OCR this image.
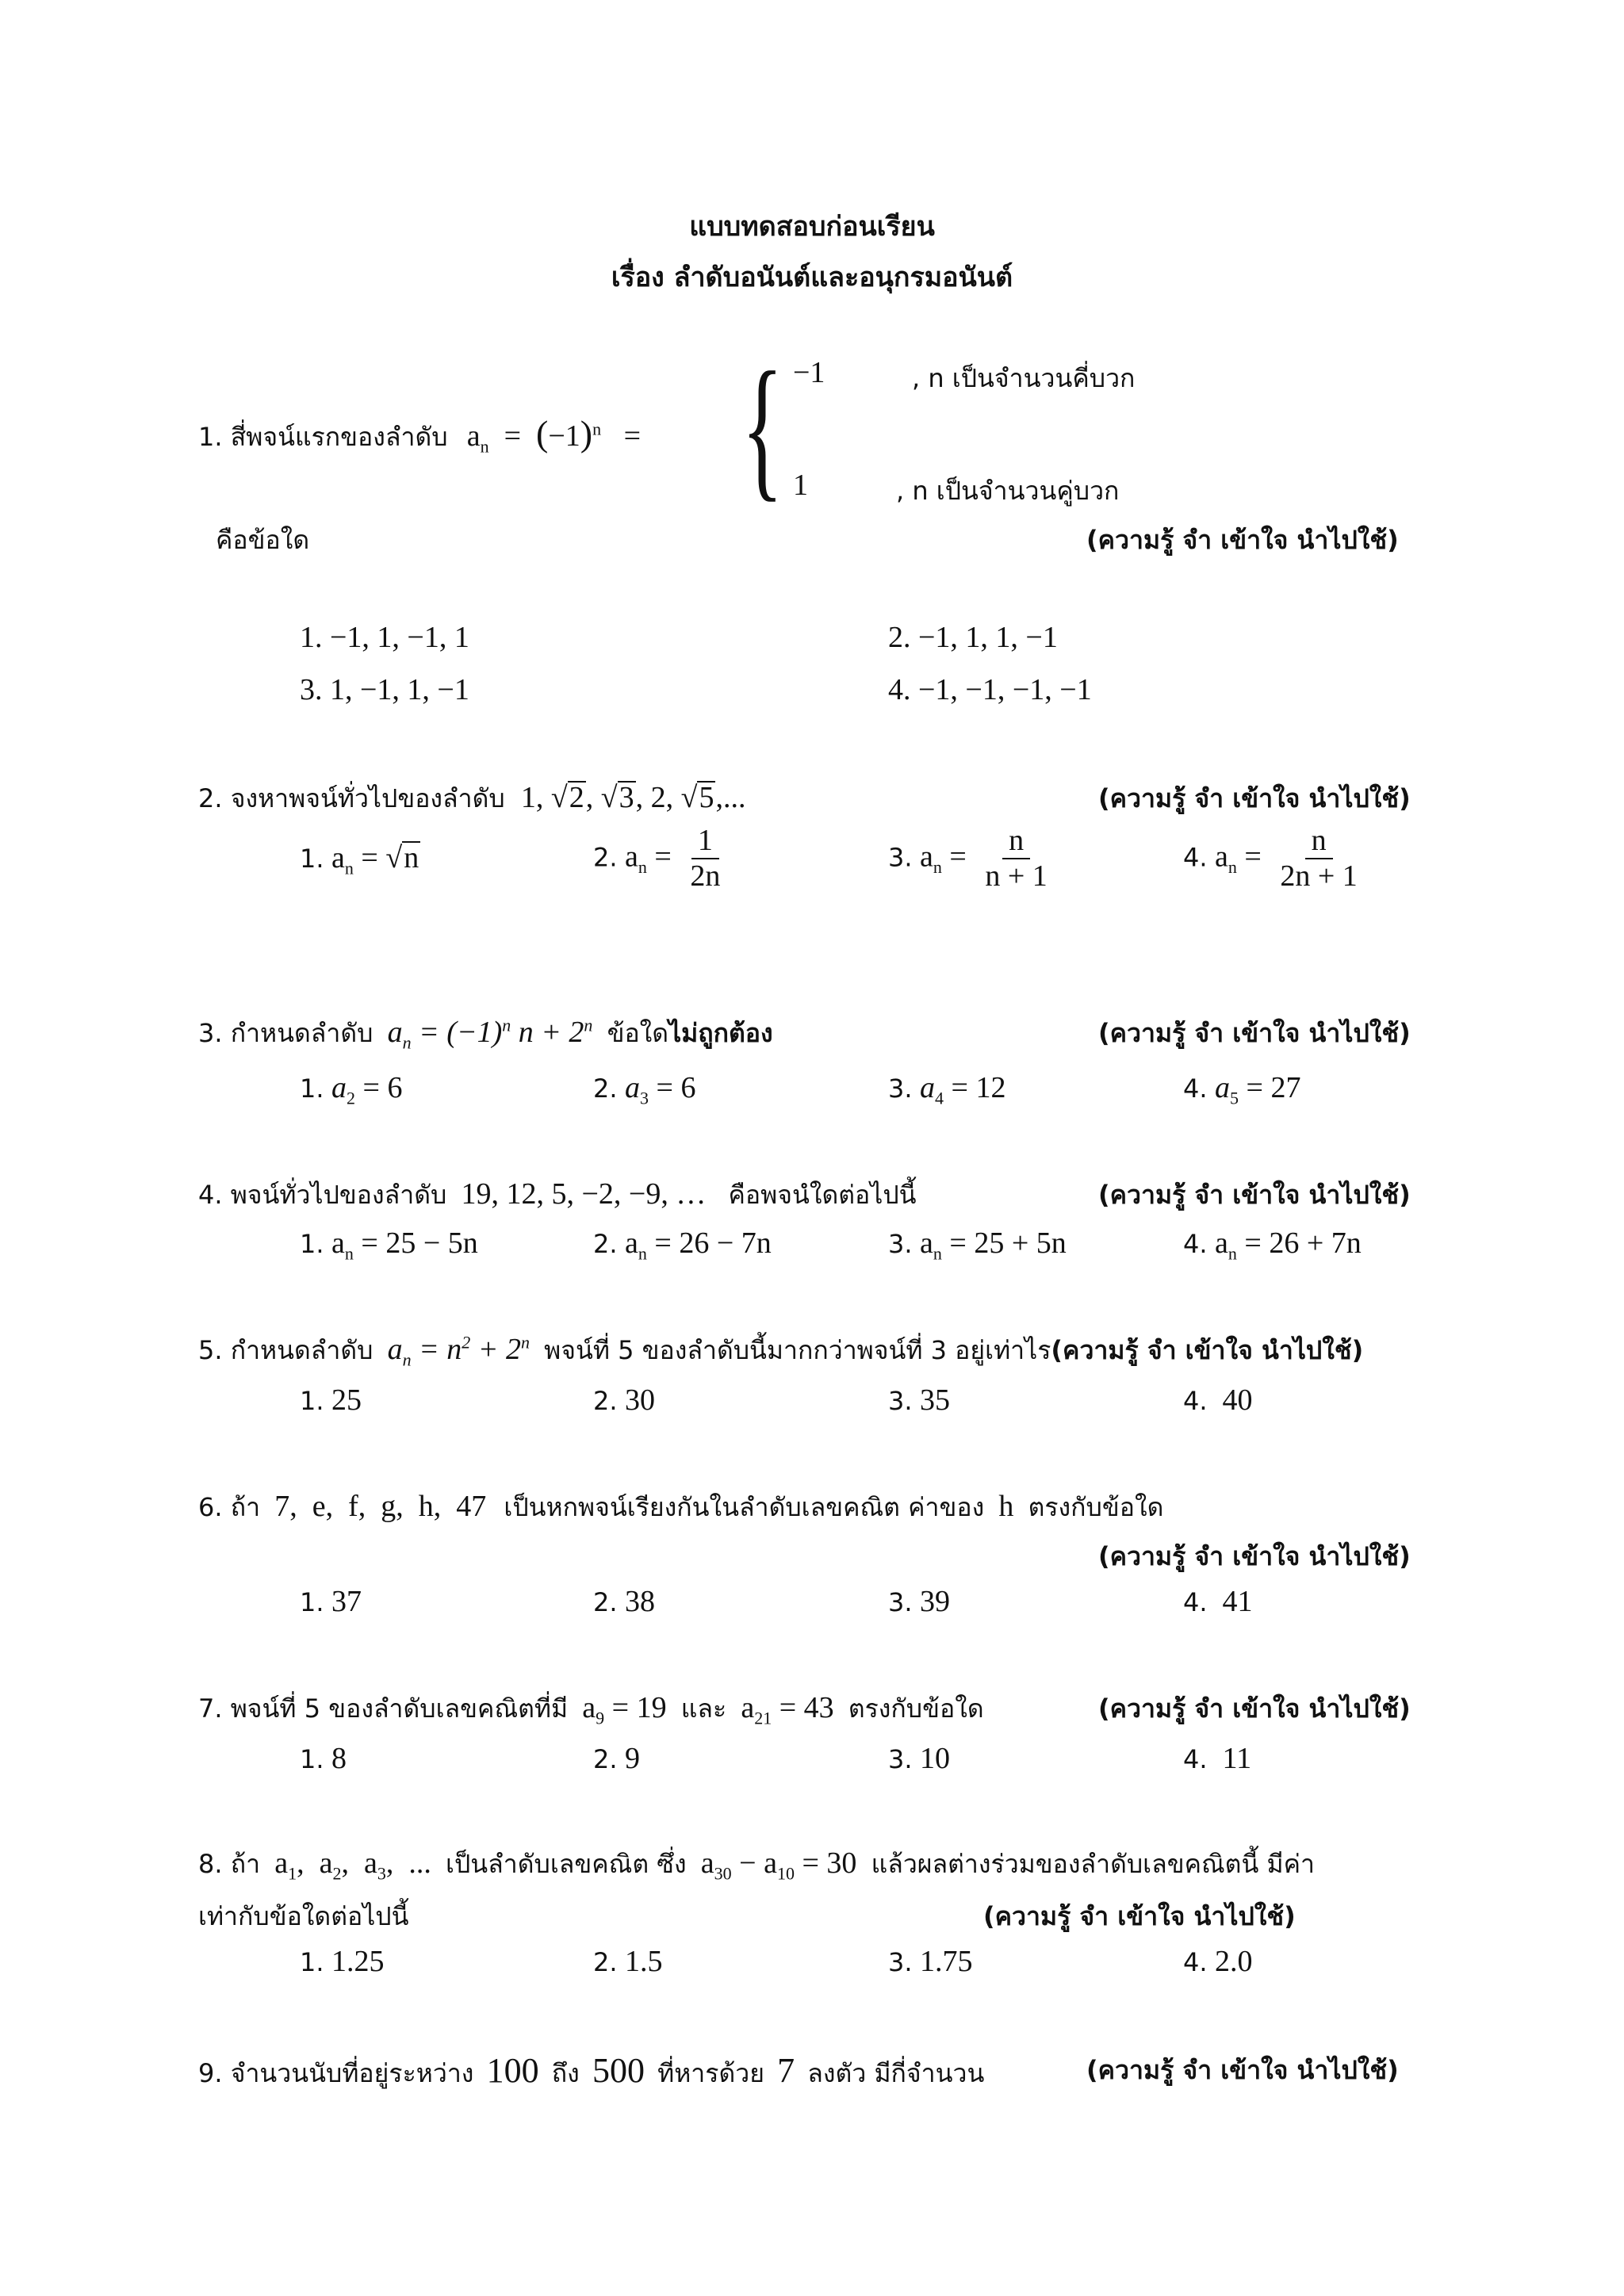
แบบทดสอบก่อนเรียน
เรื่อง ลำดับอนันต์และอนุกรมอนันต์
1. สี่พจน์แรกของลำดับ $a_n = (-1)^n$   = { −1	, n เป็นจำนวนคี่บวก
1	, n เป็นจำนวนคู่บวก
คือข้อใด	(ความรู้ จำ เข้าใจ นำไปใช้)
1. −1, 1, −1, 1	2. −1, 1, 1, −1
3. 1, −1, 1, −1	4. −1, −1, −1, −1
2. จงหาพจน์ทั่วไปของลำดับ 1, √2, √3, 2, √5,...	(ความรู้ จำ เข้าใจ นำไปใช้)
1. $a_n = √n$	2. $a_n = \frac{1}{2n}$	3. $a_n = \frac{n}{n + 1}$	4. $a_n = \frac{n}{2n + 1}$
3. กำหนดลำดับ $a_n = (-1)^n$ $n + 2^n$ ข้อใดไม่ถูกต้อง	(ความรู้ จำ เข้าใจ นำไปใช้)
1. $a_2 = 6$	2. $a_3 = 6$	3. $a_4 = 12$	4. $a_5 = 27$
4. พจน์ทั่วไปของลำดับ 19, 12, 5, −2, −9, … คือพจนํใดต่อไปนี้	(ความรู้ จำ เข้าใจ นำไปใช้)
1. $a_n = 25 - 5n$	2. $a_n = 26 - 7n$	3. $a_n = 25 + 5n$	4. $a_n = 26 + 7n$
5. กำหนดลำดับ $a_n = n^2 + 2^n$ พจน์ที่ 5 ของลำดับนี้มากกว่าพจน์ที่ 3 อยู่เท่าไร(ความรู้ จำ เข้าใจ นำไปใช้)
1. 25	2. 30	3. 35	4. 40
6. ถ้า 7,  e,  f,  g,  h,  47 เป็นหกพจน์เรียงกันในลำดับเลขคณิต ค่าของ h ตรงกับข้อใด
(ความรู้ จำ เข้าใจ นำไปใช้)
1. 37	2. 38	3. 39	4. 41
7. พจน์ที่ 5 ของลำดับเลขคณิตที่มี $a_9 = 19$ และ $a_{21} = 43$ ตรงกับข้อใด	(ความรู้ จำ เข้าใจ นำไปใช้)
1. 8	2. 9	3. 10	4. 11
8. ถ้า $a_1$,  $a_2$,  $a_3$,  ... เป็นลำดับเลขคณิต ซึ่ง $a_{30} - a_{10} = 30$ แล้วผลต่างร่วมของลำดับเลขคณิตนี้ มีค่า
เท่ากับข้อใดต่อไปนี้	(ความรู้ จำ เข้าใจ นำไปใช้)
1. 1.25	2. 1.5	3. 1.75	4. 2.0
9. จำนวนนับที่อยู่ระหว่าง 100 ถึง 500 ที่หารด้วย 7 ลงตัว มีกี่จำนวน	(ความรู้ จำ เข้าใจ นำไปใช้)
